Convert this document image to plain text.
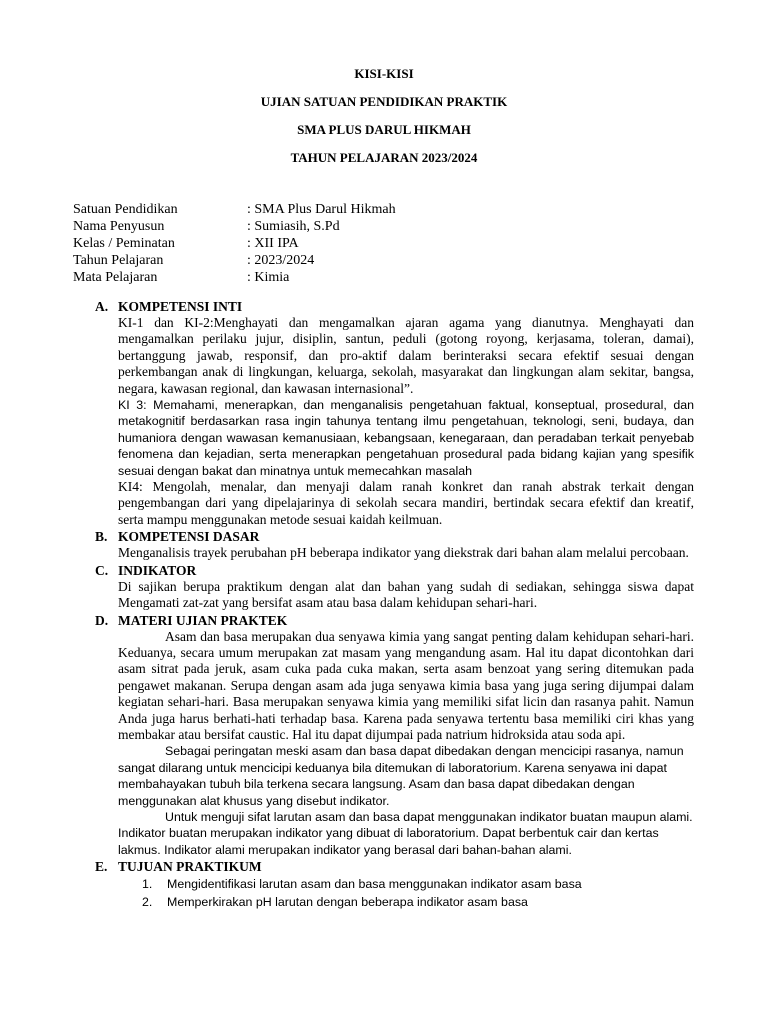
KISI-KISI
UJIAN SATUAN PENDIDIKAN PRAKTIK
SMA PLUS DARUL HIKMAH
TAHUN PELAJARAN 2023/2024
Satuan Pendidikan	: SMA Plus Darul Hikmah
Nama Penyusun	: Sumiasih, S.Pd
Kelas / Peminatan	: XII IPA
Tahun Pelajaran	: 2023/2024
Mata Pelajaran	: Kimia
A. KOMPETENSI INTI
KI-1 dan KI-2:Menghayati dan mengamalkan ajaran agama yang dianutnya. Menghayati dan mengamalkan perilaku jujur, disiplin, santun, peduli (gotong royong, kerjasama, toleran, damai), bertanggung jawab, responsif, dan pro-aktif dalam berinteraksi secara efektif sesuai dengan perkembangan anak di lingkungan, keluarga, sekolah, masyarakat dan lingkungan alam sekitar, bangsa, negara, kawasan regional, dan kawasan internasional”.
KI 3: Memahami, menerapkan, dan menganalisis pengetahuan faktual, konseptual, prosedural, dan metakognitif berdasarkan rasa ingin tahunya tentang ilmu pengetahuan, teknologi, seni, budaya, dan humaniora dengan wawasan kemanusiaan, kebangsaan, kenegaraan, dan peradaban terkait penyebab fenomena dan kejadian, serta menerapkan pengetahuan prosedural pada bidang kajian yang spesifik sesuai dengan bakat dan minatnya untuk memecahkan masalah
KI4: Mengolah, menalar, dan menyaji dalam ranah konkret dan ranah abstrak terkait dengan pengembangan dari yang dipelajarinya di sekolah secara mandiri, bertindak secara efektif dan kreatif, serta mampu menggunakan metode sesuai kaidah keilmuan.
B. KOMPETENSI DASAR
Menganalisis trayek perubahan pH beberapa indikator yang diekstrak dari bahan alam melalui percobaan.
C. INDIKATOR
Di sajikan berupa praktikum dengan alat dan bahan yang sudah di sediakan, sehingga siswa dapat Mengamati zat-zat yang bersifat asam atau basa dalam kehidupan sehari-hari.
D. MATERI UJIAN PRAKTEK
Asam dan basa merupakan dua senyawa kimia yang sangat penting dalam kehidupan sehari-hari. Keduanya, secara umum merupakan zat masam yang mengandung asam. Hal itu dapat dicontohkan dari asam sitrat pada jeruk, asam cuka pada cuka makan, serta asam benzoat yang sering ditemukan pada pengawet makanan. Serupa dengan asam ada juga senyawa kimia basa yang juga sering dijumpai dalam kegiatan sehari-hari. Basa merupakan senyawa kimia yang memiliki sifat licin dan rasanya pahit. Namun Anda juga harus berhati-hati terhadap basa. Karena pada senyawa tertentu basa memiliki ciri khas yang membakar atau bersifat caustic. Hal itu dapat dijumpai pada natrium hidroksida atau soda api.
Sebagai peringatan meski asam dan basa dapat dibedakan dengan mencicipi rasanya, namun sangat dilarang untuk mencicipi keduanya bila ditemukan di laboratorium. Karena senyawa ini dapat membahayakan tubuh bila terkena secara langsung. Asam dan basa dapat dibedakan dengan menggunakan alat khusus yang disebut indikator.
Untuk menguji sifat larutan asam dan basa dapat menggunakan indikator buatan maupun alami. Indikator buatan merupakan indikator yang dibuat di laboratorium. Dapat berbentuk cair dan kertas lakmus. Indikator alami merupakan indikator yang berasal dari bahan-bahan alami.
E. TUJUAN PRAKTIKUM
1. Mengidentifikasi larutan asam dan basa menggunakan indikator asam basa
2. Memperkirakan pH larutan dengan beberapa indikator asam basa
